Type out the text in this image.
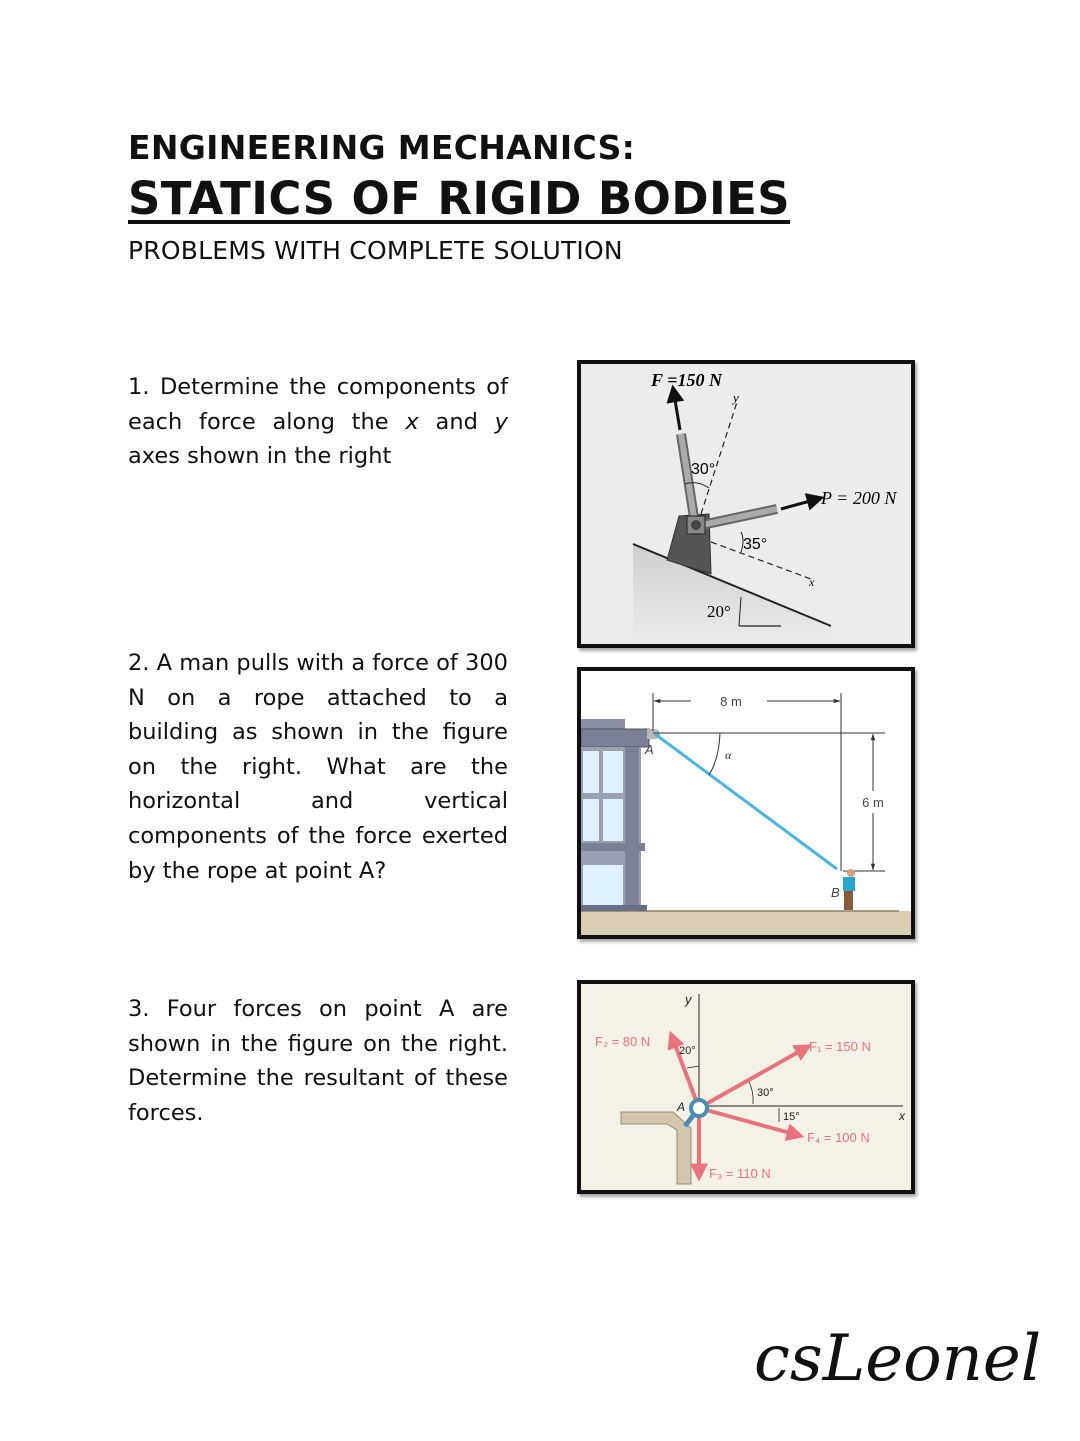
ENGINEERING MECHANICS:
STATICS OF RIGID BODIES
PROBLEMS WITH COMPLETE SOLUTION
1. Determine the components of each force along the x and y axes shown in the right
20°
x
y
F =150 N
P = 200 N
30°
35°
2. A man pulls with a force of 300 N on a rope attached to a building as shown in the figure on the right. What are the horizontal and vertical components of the force exerted by the rope at point A?
A
8 m
6 m
α
B
3. Four forces on point A are shown in the figure on the right. Determine the resultant of these forces.
y
x
A
F₁ = 150 N
F₂ = 80 N
F₃ = 110 N
F₄ = 100 N
20°
30°
15°
csLeonel
